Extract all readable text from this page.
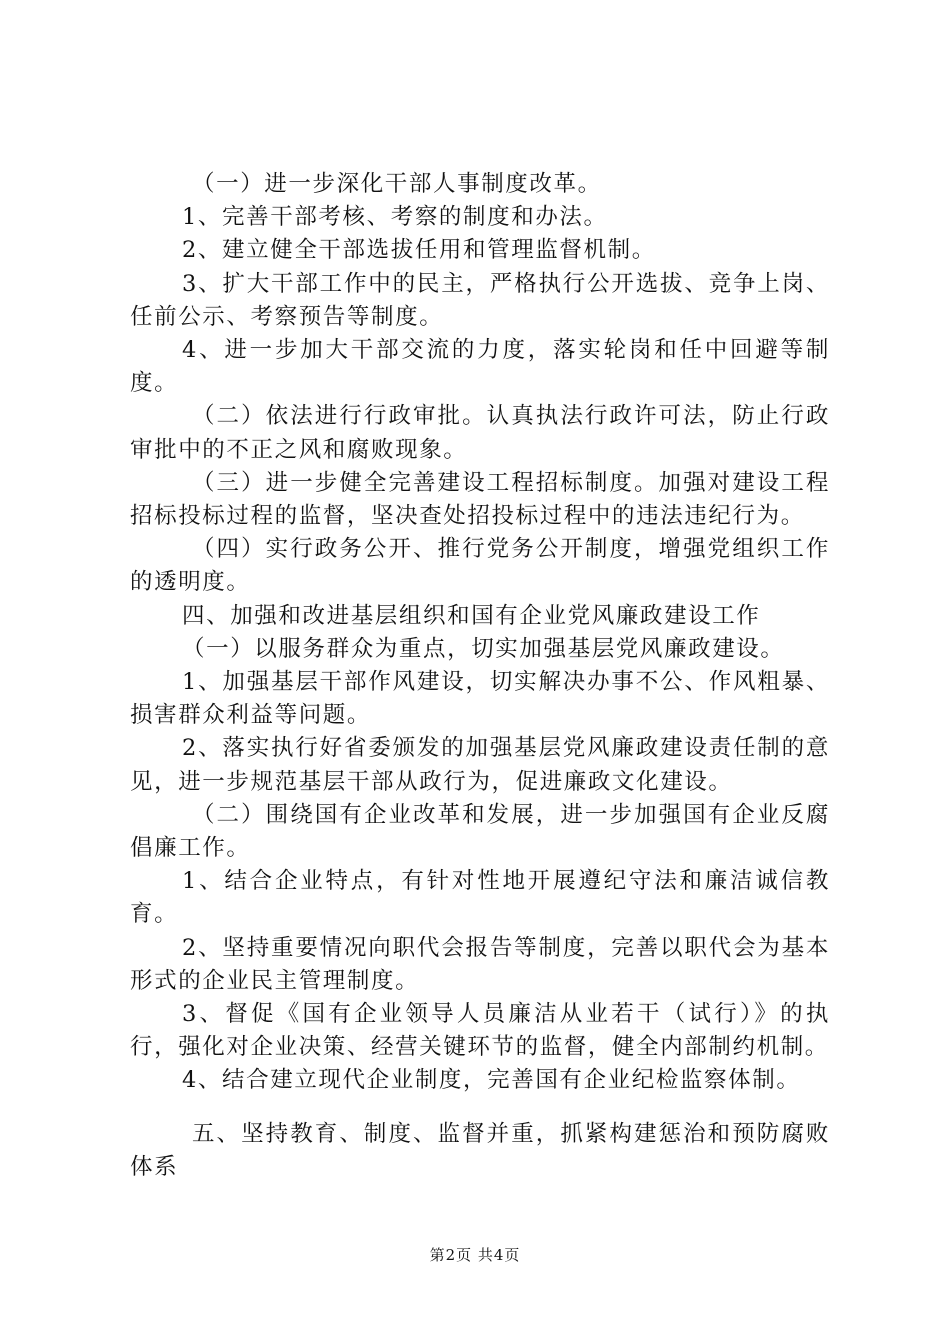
（一）进一步深化干部人事制度改革。

1、完善干部考核、考察的制度和办法。

2、建立健全干部选拔任用和管理监督机制。

3、扩大干部工作中的民主，严格执行公开选拔、竞争上岗、任前公示、考察预告等制度。

4、进一步加大干部交流的力度，落实轮岗和任中回避等制度。

（二）依法进行行政审批。认真执法行政许可法，防止行政审批中的不正之风和腐败现象。

（三）进一步健全完善建设工程招标制度。加强对建设工程招标投标过程的监督，坚决查处招投标过程中的违法违纪行为。

（四）实行政务公开、推行党务公开制度，增强党组织工作的透明度。

四、加强和改进基层组织和国有企业党风廉政建设工作

（一）以服务群众为重点，切实加强基层党风廉政建设。

1、加强基层干部作风建设，切实解决办事不公、作风粗暴、损害群众利益等问题。

2、落实执行好省委颁发的加强基层党风廉政建设责任制的意见，进一步规范基层干部从政行为，促进廉政文化建设。

（二）围绕国有企业改革和发展，进一步加强国有企业反腐倡廉工作。

1、结合企业特点，有针对性地开展遵纪守法和廉洁诚信教育。

2、坚持重要情况向职代会报告等制度，完善以职代会为基本形式的企业民主管理制度。

3、督促《国有企业领导人员廉洁从业若干（试行）》的执行，强化对企业决策、经营关键环节的监督，健全内部制约机制。

4、结合建立现代企业制度，完善国有企业纪检监察体制。

五、坚持教育、制度、监督并重，抓紧构建惩治和预防腐败体系

第2页 共4页
